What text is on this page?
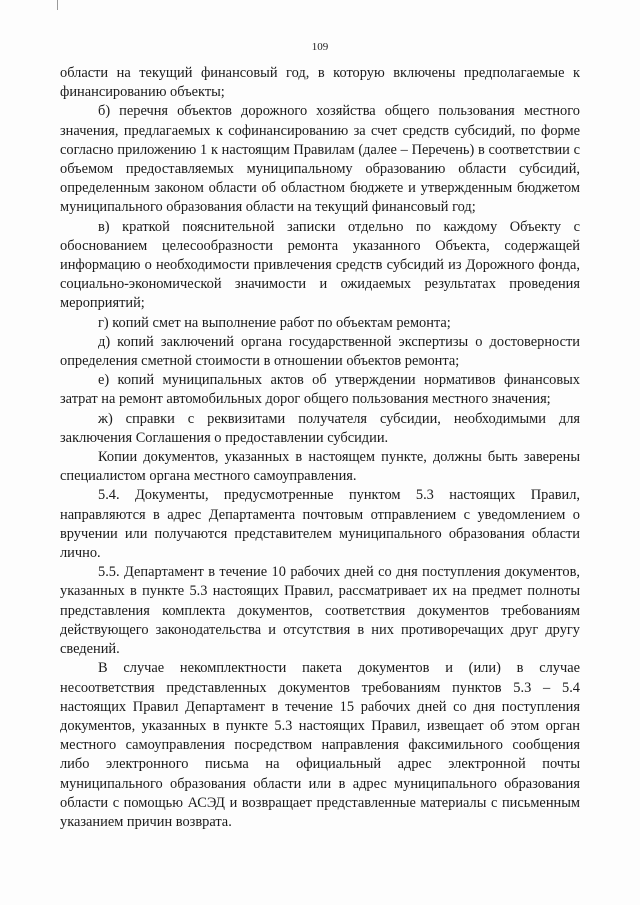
109

области на текущий финансовый год, в которую включены предполагаемые к финансированию объекты;

б) перечня объектов дорожного хозяйства общего пользования местного значения, предлагаемых к софинансированию за счет средств субсидий, по форме согласно приложению 1 к настоящим Правилам (далее – Перечень) в соответствии с объемом предоставляемых муниципальному образованию области субсидий, определенным законом области об областном бюджете и утвержденным бюджетом муниципального образования области на текущий финансовый год;

в) краткой пояснительной записки отдельно по каждому Объекту с обоснованием целесообразности ремонта указанного Объекта, содержащей информацию о необходимости привлечения средств субсидий из Дорожного фонда, социально-экономической значимости и ожидаемых результатах проведения мероприятий;

г) копий смет на выполнение работ по объектам ремонта;

д) копий заключений органа государственной экспертизы о достоверности определения сметной стоимости в отношении объектов ремонта;

е) копий муниципальных актов об утверждении нормативов финансовых затрат на ремонт автомобильных дорог общего пользования местного значения;

ж) справки с реквизитами получателя субсидии, необходимыми для заключения Соглашения о предоставлении субсидии.

Копии документов, указанных в настоящем пункте, должны быть заверены специалистом органа местного самоуправления.

5.4. Документы, предусмотренные пунктом 5.3 настоящих Правил, направляются в адрес Департамента почтовым отправлением с уведомлением о вручении или получаются представителем муниципального образования области лично.

5.5. Департамент в течение 10 рабочих дней со дня поступления документов, указанных в пункте 5.3 настоящих Правил, рассматривает их на предмет полноты представления комплекта документов, соответствия документов требованиям действующего законодательства и отсутствия в них противоречащих друг другу сведений.

В случае некомплектности пакета документов и (или) в случае несоответствия представленных документов требованиям пунктов 5.3 – 5.4 настоящих Правил Департамент в течение 15 рабочих дней со дня поступления документов, указанных в пункте 5.3 настоящих Правил, извещает об этом орган местного самоуправления посредством направления факсимильного сообщения либо электронного письма на официальный адрес электронной почты муниципального образования области или в адрес муниципального образования области с помощью АСЭД и возвращает представленные материалы с письменным указанием причин возврата.
